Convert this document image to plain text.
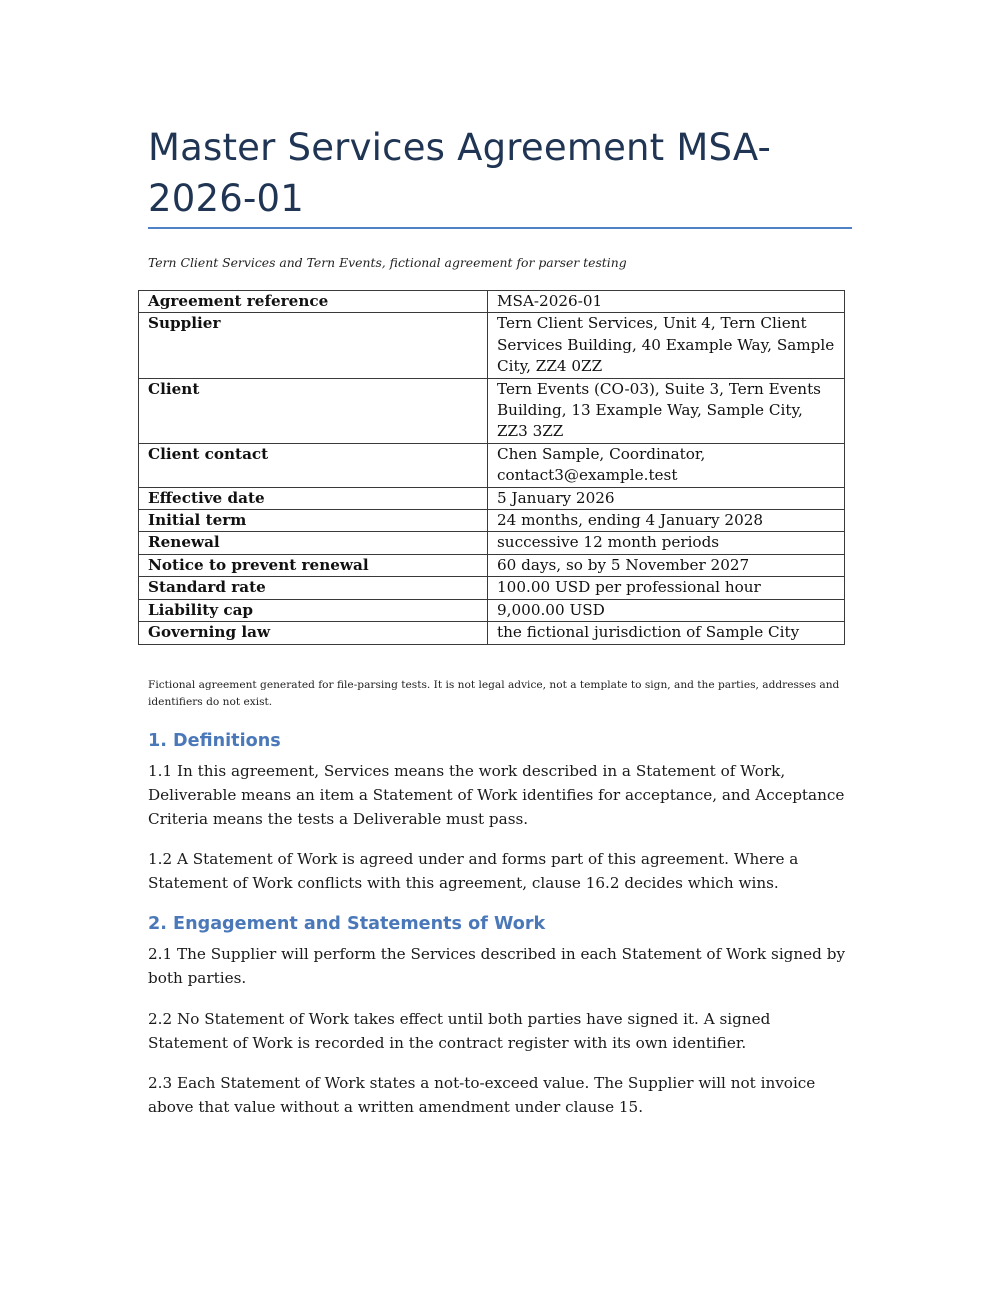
Master Services Agreement MSA-2026-01
Tern Client Services and Tern Events, fictional agreement for parser testing
Agreement reference	MSA-2026-01
Supplier	Tern Client Services, Unit 4, Tern Client Services Building, 40 Example Way, Sample City, ZZ4 0ZZ
Client	Tern Events (CO-03), Suite 3, Tern Events Building, 13 Example Way, Sample City, ZZ3 3ZZ
Client contact	Chen Sample, Coordinator, contact3@example.test
Effective date	5 January 2026
Initial term	24 months, ending 4 January 2028
Renewal	successive 12 month periods
Notice to prevent renewal	60 days, so by 5 November 2027
Standard rate	100.00 USD per professional hour
Liability cap	9,000.00 USD
Governing law	the fictional jurisdiction of Sample City

Fictional agreement generated for file-parsing tests. It is not legal advice, not a template to sign, and the parties, addresses and identifiers do not exist.

1. Definitions

1.1 In this agreement, Services means the work described in a Statement of Work, Deliverable means an item a Statement of Work identifies for acceptance, and Acceptance Criteria means the tests a Deliverable must pass.

1.2 A Statement of Work is agreed under and forms part of this agreement. Where a Statement of Work conflicts with this agreement, clause 16.2 decides which wins.

2. Engagement and Statements of Work

2.1 The Supplier will perform the Services described in each Statement of Work signed by both parties.

2.2 No Statement of Work takes effect until both parties have signed it. A signed Statement of Work is recorded in the contract register with its own identifier.

2.3 Each Statement of Work states a not-to-exceed value. The Supplier will not invoice above that value without a written amendment under clause 15.
